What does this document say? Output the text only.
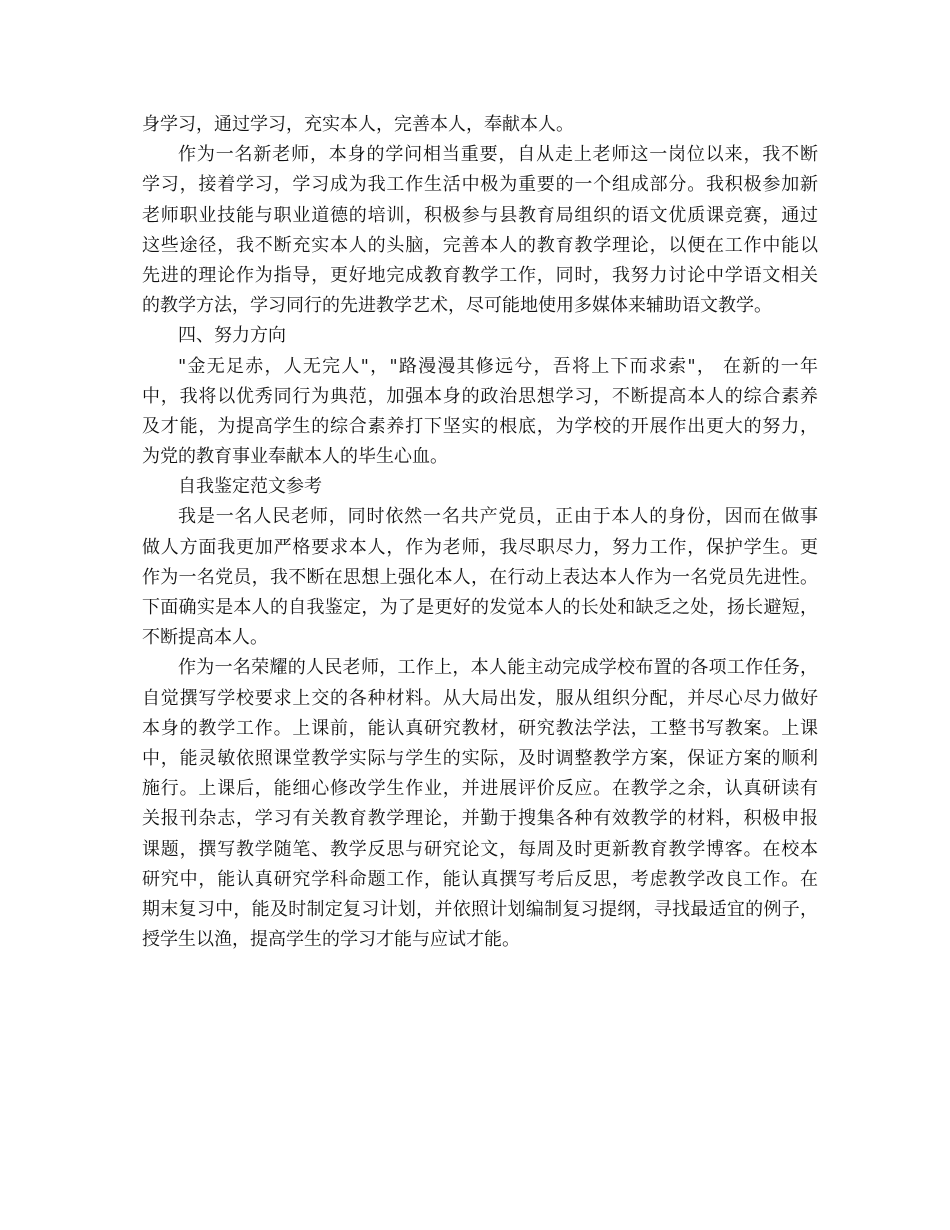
身学习，通过学习，充实本人，完善本人，奉献本人。
作为一名新老师，本身的学问相当重要，自从走上老师这一岗位以来，我不断
学习，接着学习，学习成为我工作生活中极为重要的一个组成部分。我积极参加新
老师职业技能与职业道德的培训，积极参与县教育局组织的语文优质课竞赛，通过
这些途径，我不断充实本人的头脑，完善本人的教育教学理论，以便在工作中能以
先进的理论作为指导，更好地完成教育教学工作，同时，我努力讨论中学语文相关
的教学方法，学习同行的先进教学艺术，尽可能地使用多媒体来辅助语文教学。
四、努力方向
"金无足赤，人无完人"，"路漫漫其修远兮，吾将上下而求索"， 在新的一年
中，我将以优秀同行为典范，加强本身的政治思想学习，不断提高本人的综合素养
及才能，为提高学生的综合素养打下坚实的根底，为学校的开展作出更大的努力，
为党的教育事业奉献本人的毕生心血。
自我鉴定范文参考
我是一名人民老师，同时依然一名共产党员，正由于本人的身份，因而在做事
做人方面我更加严格要求本人，作为老师，我尽职尽力，努力工作，保护学生。更
作为一名党员，我不断在思想上强化本人，在行动上表达本人作为一名党员先进性。
下面确实是本人的自我鉴定，为了是更好的发觉本人的长处和缺乏之处，扬长避短，
不断提高本人。
作为一名荣耀的人民老师，工作上，本人能主动完成学校布置的各项工作任务，
自觉撰写学校要求上交的各种材料。从大局出发，服从组织分配，并尽心尽力做好
本身的教学工作。上课前，能认真研究教材，研究教法学法，工整书写教案。上课
中，能灵敏依照课堂教学实际与学生的实际，及时调整教学方案，保证方案的顺利
施行。上课后，能细心修改学生作业，并进展评价反应。在教学之余，认真研读有
关报刊杂志，学习有关教育教学理论，并勤于搜集各种有效教学的材料，积极申报
课题，撰写教学随笔、教学反思与研究论文，每周及时更新教育教学博客。在校本
研究中，能认真研究学科命题工作，能认真撰写考后反思，考虑教学改良工作。在
期末复习中，能及时制定复习计划，并依照计划编制复习提纲，寻找最适宜的例子，
授学生以渔，提高学生的学习才能与应试才能。
